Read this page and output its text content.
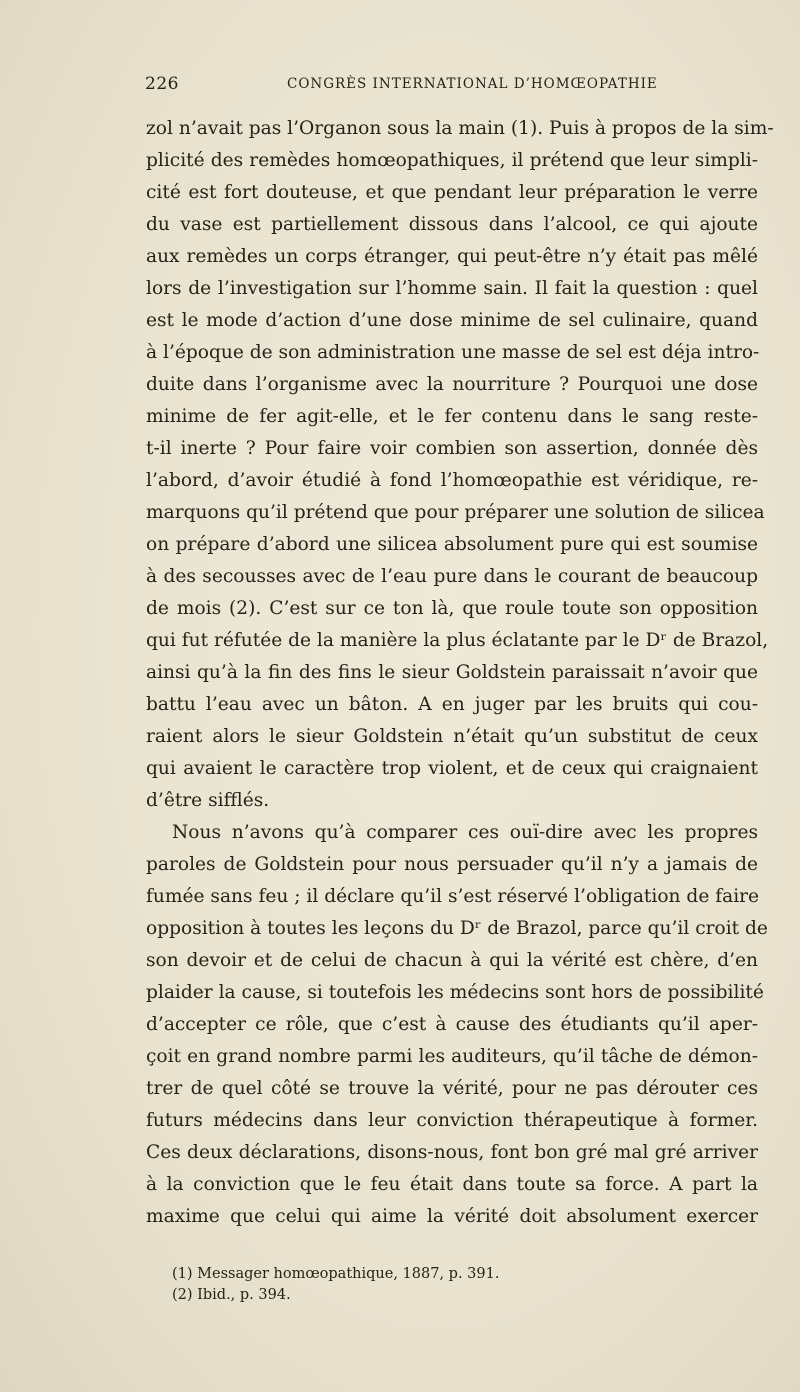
226	CONGRÈS INTERNATIONAL D’HOMŒOPATHIE
zol n’avait pas l’Organon sous la main (1). Puis à propos de la sim-
plicité des remèdes homœopathiques, il prétend que leur simpli-
cité est fort douteuse, et que pendant leur préparation le verre
du vase est partiellement dissous dans l’alcool, ce qui ajoute
aux remèdes un corps étranger, qui peut-être n’y était pas mêlé
lors de l’investigation sur l’homme sain. Il fait la question : quel
est le mode d’action d’une dose minime de sel culinaire, quand
à l’époque de son administration une masse de sel est déja intro-
duite dans l’organisme avec la nourriture ? Pourquoi une dose
minime de fer agit-elle, et le fer contenu dans le sang reste-
t-il inerte ? Pour faire voir combien son assertion, donnée dès
l’abord, d’avoir étudié à fond l’homœopathie est véridique, re-
marquons qu’il prétend que pour préparer une solution de silicea
on prépare d’abord une silicea absolument pure qui est soumise
à des secousses avec de l’eau pure dans le courant de beaucoup
de mois (2). C’est sur ce ton là, que roule toute son opposition
qui fut réfutée de la manière la plus éclatante par le Dʳ de Brazol,
ainsi qu’à la fin des fins le sieur Goldstein paraissait n’avoir que
battu l’eau avec un bâton. A en juger par les bruits qui cou-
raient alors le sieur Goldstein n’était qu’un substitut de ceux
qui avaient le caractère trop violent, et de ceux qui craignaient
d’être sifflés.
Nous n’avons qu’à comparer ces ouï-dire avec les propres
paroles de Goldstein pour nous persuader qu’il n’y a jamais de
fumée sans feu ; il déclare qu’il s’est réservé l’obligation de faire
opposition à toutes les leçons du Dʳ de Brazol, parce qu’il croit de
son devoir et de celui de chacun à qui la vérité est chère, d’en
plaider la cause, si toutefois les médecins sont hors de possibilité
d’accepter ce rôle, que c’est à cause des étudiants qu’il aper-
çoit en grand nombre parmi les auditeurs, qu’il tâche de démon-
trer de quel côté se trouve la vérité, pour ne pas dérouter ces
futurs médecins dans leur conviction thérapeutique à former.
Ces deux déclarations, disons-nous, font bon gré mal gré arriver
à la conviction que le feu était dans toute sa force. A part la
maxime que celui qui aime la vérité doit absolument exercer
(1) Messager homœopathique, 1887, p. 391.
(2) Ibid., p. 394.
